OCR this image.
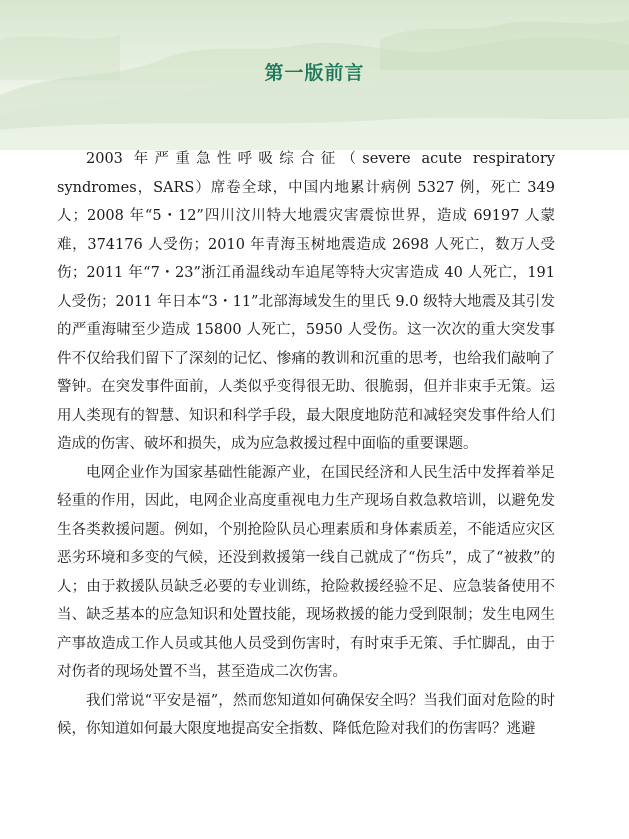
第一版前言

2003 年严重急性呼吸综合征（severe acute respiratory syndromes，SARS）席卷全球，中国内地累计病例 5327 例，死亡 349 人；2008 年“5・12”四川汶川特大地震灾害震惊世界，造成 69197 人蒙难，374176 人受伤；2010 年青海玉树地震造成 2698 人死亡，数万人受伤；2011 年“7・23”浙江甬温线动车追尾等特大灾害造成 40 人死亡，191 人受伤；2011 年日本“3・11”北部海域发生的里氏 9.0 级特大地震及其引发的严重海啸至少造成 15800 人死亡，5950 人受伤。这一次次的重大突发事件不仅给我们留下了深刻的记忆、惨痛的教训和沉重的思考，也给我们敲响了警钟。在突发事件面前，人类似乎变得很无助、很脆弱，但并非束手无策。运用人类现有的智慧、知识和科学手段，最大限度地防范和减轻突发事件给人们造成的伤害、破坏和损失，成为应急救援过程中面临的重要课题。

电网企业作为国家基础性能源产业，在国民经济和人民生活中发挥着举足轻重的作用，因此，电网企业高度重视电力生产现场自救急救培训，以避免发生各类救援问题。例如，个别抢险队员心理素质和身体素质差，不能适应灾区恶劣环境和多变的气候，还没到救援第一线自己就成了“伤兵”，成了“被救”的人；由于救援队员缺乏必要的专业训练，抢险救援经验不足、应急装备使用不当、缺乏基本的应急知识和处置技能，现场救援的能力受到限制；发生电网生产事故造成工作人员或其他人员受到伤害时，有时束手无策、手忙脚乱，由于对伤者的现场处置不当，甚至造成二次伤害。

我们常说“平安是福”，然而您知道如何确保安全吗？当我们面对危险的时候，你知道如何最大限度地提高安全指数、降低危险对我们的伤害吗？逃避
